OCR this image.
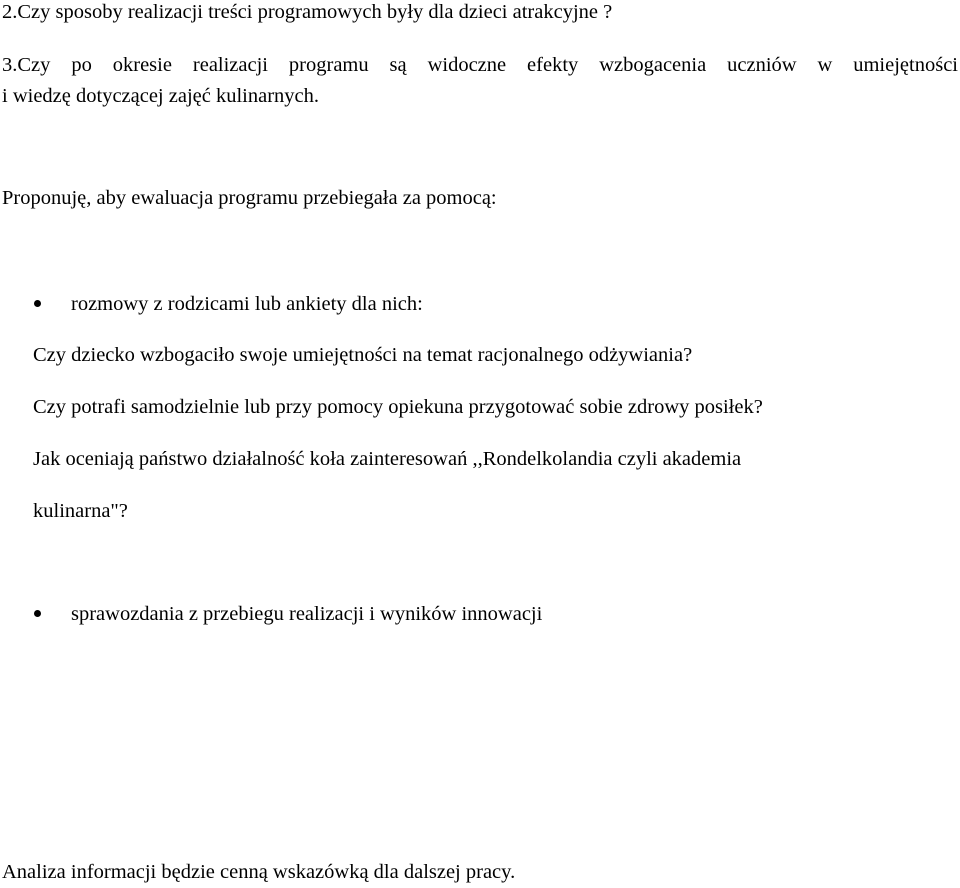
2.Czy sposoby realizacji treści programowych były dla dzieci atrakcyjne ?
3.Czy po okresie realizacji programu są widoczne efekty wzbogacenia uczniów w umiejętności
i wiedzę dotyczącej zajęć kulinarnych.
Proponuję, aby ewaluacja programu przebiegała za pomocą:
rozmowy z rodzicami lub ankiety dla nich:
Czy dziecko wzbogaciło swoje umiejętności na temat racjonalnego odżywiania?
Czy potrafi samodzielnie lub przy pomocy opiekuna przygotować sobie zdrowy posiłek?
Jak oceniają państwo działalność koła zainteresowań ,,Rondelkolandia czyli akademia
kulinarna"?
sprawozdania z przebiegu realizacji i wyników innowacji
Analiza informacji będzie cenną wskazówką dla dalszej pracy.
